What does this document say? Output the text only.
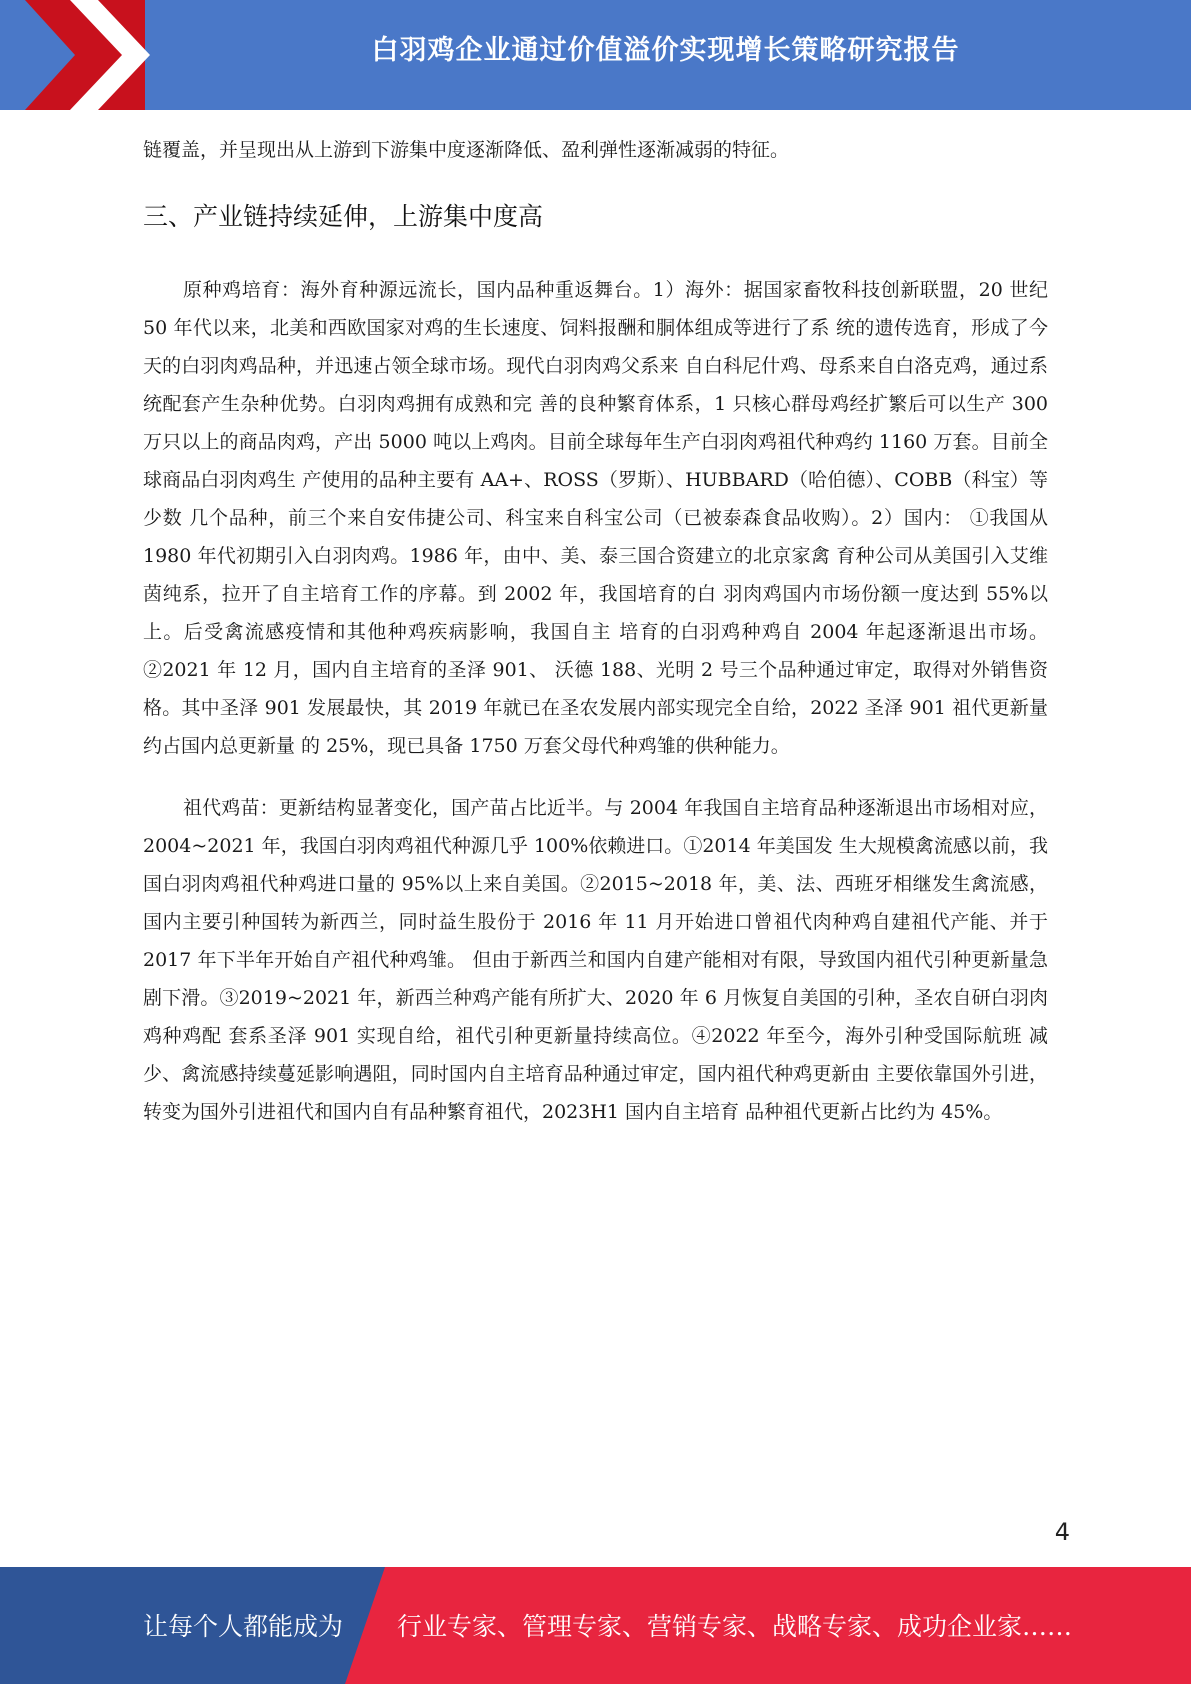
白羽鸡企业通过价值溢价实现增长策略研究报告

链覆盖，并呈现出从上游到下游集中度逐渐降低、盈利弹性逐渐减弱的特征。

三、产业链持续延伸，上游集中度高

原种鸡培育：海外育种源远流长，国内品种重返舞台。1）海外：据国家畜牧科技创新联盟，20 世纪 50 年代以来，北美和西欧国家对鸡的生长速度、饲料报酬和胴体组成等进行了系 统的遗传选育，形成了今天的白羽肉鸡品种，并迅速占领全球市场。现代白羽肉鸡父系来 自白科尼什鸡、母系来自白洛克鸡，通过系统配套产生杂种优势。白羽肉鸡拥有成熟和完 善的良种繁育体系，1 只核心群母鸡经扩繁后可以生产 300 万只以上的商品肉鸡，产出 5000 吨以上鸡肉。目前全球每年生产白羽肉鸡祖代种鸡约 1160 万套。目前全球商品白羽肉鸡生 产使用的品种主要有 AA+、ROSS（罗斯）、HUBBARD（哈伯德）、COBB（科宝）等少数 几个品种，前三个来自安伟捷公司、科宝来自科宝公司（已被泰森食品收购）。2）国内： ①我国从 1980 年代初期引入白羽肉鸡。1986 年，由中、美、泰三国合资建立的北京家禽 育种公司从美国引入艾维茵纯系，拉开了自主培育工作的序幕。到 2002 年，我国培育的白 羽肉鸡国内市场份额一度达到 55%以上。后受禽流感疫情和其他种鸡疾病影响，我国自主 培育的白羽鸡种鸡自 2004 年起逐渐退出市场。②2021 年 12 月，国内自主培育的圣泽 901、 沃德 188、光明 2 号三个品种通过审定，取得对外销售资格。其中圣泽 901 发展最快，其 2019 年就已在圣农发展内部实现完全自给，2022 圣泽 901 祖代更新量约占国内总更新量 的 25%，现已具备 1750 万套父母代种鸡雏的供种能力。

祖代鸡苗：更新结构显著变化，国产苗占比近半。与 2004 年我国自主培育品种逐渐退出市场相对应，2004~2021 年，我国白羽肉鸡祖代种源几乎 100%依赖进口。①2014 年美国发 生大规模禽流感以前，我国白羽肉鸡祖代种鸡进口量的 95%以上来自美国。②2015~2018 年，美、法、西班牙相继发生禽流感，国内主要引种国转为新西兰，同时益生股份于 2016 年 11 月开始进口曾祖代肉种鸡自建祖代产能、并于 2017 年下半年开始自产祖代种鸡雏。 但由于新西兰和国内自建产能相对有限，导致国内祖代引种更新量急剧下滑。③2019~2021 年，新西兰种鸡产能有所扩大、2020 年 6 月恢复自美国的引种，圣农自研白羽肉鸡种鸡配 套系圣泽 901 实现自给，祖代引种更新量持续高位。④2022 年至今，海外引种受国际航班 减少、禽流感持续蔓延影响遇阻，同时国内自主培育品种通过审定，国内祖代种鸡更新由 主要依靠国外引进，转变为国外引进祖代和国内自有品种繁育祖代，2023H1 国内自主培育 品种祖代更新占比约为 45%。

4
让每个人都能成为 行业专家、管理专家、营销专家、战略专家、成功企业家……
